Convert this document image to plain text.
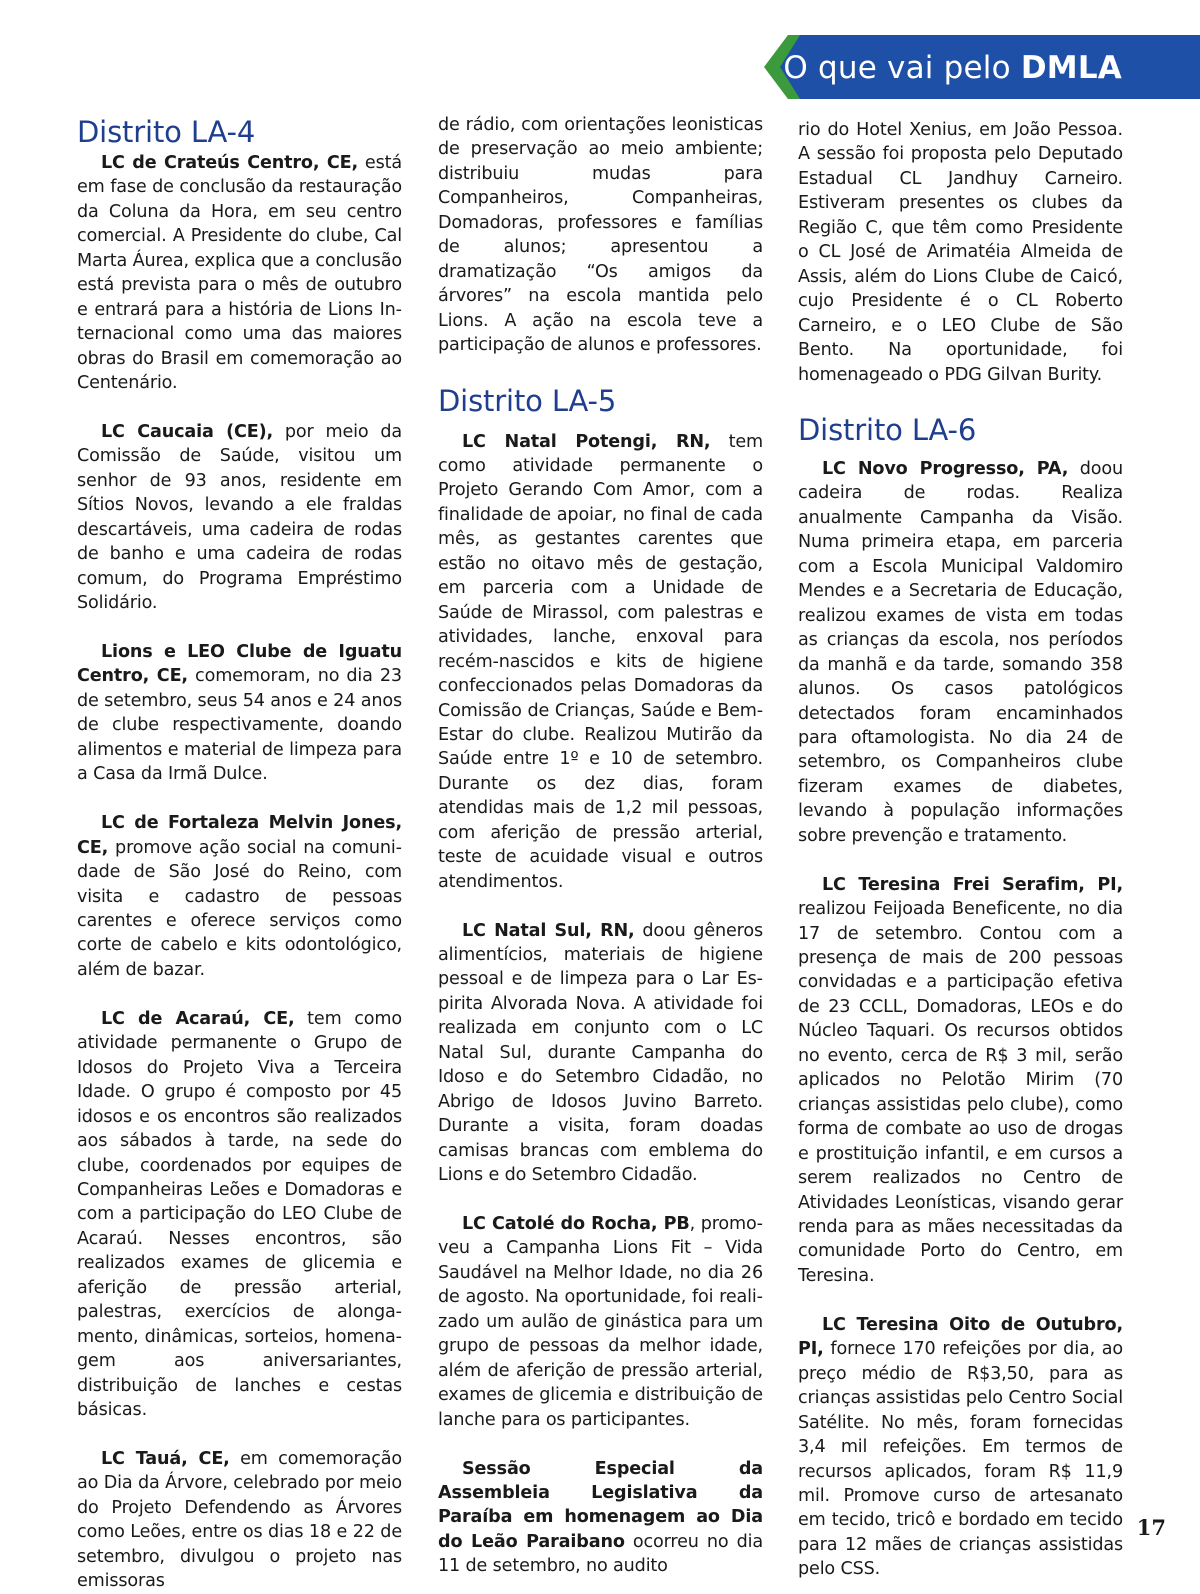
O que vai pelo DMLA
Distrito LA-4

LC de Crateús Centro, CE, está em fase de conclusão da restauração da Coluna da Hora, em seu centro comercial. A Presidente do clube, Cal Marta Áurea, explica que a conclusão está prevista para o mês de outubro e entrará para a história de Lions Internacional como uma das maiores obras do Brasil em comemoração ao Centenário.

LC Caucaia (CE), por meio da Comissão de Saúde, visitou um senhor de 93 anos, residente em Sítios Novos, levando a ele fraldas descartáveis, uma cadeira de rodas de banho e uma cadeira de rodas comum, do Programa Empréstimo Solidário.

Lions e LEO Clube de Iguatu Centro, CE, comemoram, no dia 23 de setembro, seus 54 anos e 24 anos de clube respectivamente, doando alimentos e material de limpeza para a Casa da Irmã Dulce.

LC de Fortaleza Melvin Jones, CE, promove ação social na comunidade de São José do Reino, com visita e cadastro de pessoas carentes e oferece serviços como corte de cabelo e kits odontológico, além de bazar.

LC de Acaraú, CE, tem como atividade permanente o Grupo de Idosos do Projeto Viva a Terceira Idade. O grupo é composto por 45 idosos e os encontros são realizados aos sábados à tarde, na sede do clube, coordenados por equipes de Companheiras Leões e Domadoras e com a participação do LEO Clube de Acaraú. Nesses encontros, são realizados exames de glicemia e aferição de pressão arterial, palestras, exercícios de alongamento, dinâmicas, sorteios, homenagem aos aniversariantes, distribuição de lanches e cestas básicas.

LC Tauá, CE, em comemoração ao Dia da Árvore, celebrado por meio do Projeto Defendendo as Árvores como Leões, entre os dias 18 e 22 de setembro, divulgou o projeto nas emissoras

de rádio, com orientações leonisticas de preservação ao meio ambiente; distribuiu mudas para Companheiros, Companheiras, Domadoras, professores e famílias de alunos; apresentou a dramatização “Os amigos da árvores” na escola mantida pelo Lions. A ação na escola teve a participação de alunos e professores.

Distrito LA-5

LC Natal Potengi, RN, tem como atividade permanente o Projeto Gerando Com Amor, com a finalidade de apoiar, no final de cada mês, as gestantes carentes que estão no oitavo mês de gestação, em parceria com a Unidade de Saúde de Mirassol, com palestras e atividades, lanche, enxoval para recém-nascidos e kits de higiene confeccionados pelas Domadoras da Comissão de Crianças, Saúde e Bem-Estar do clube. Realizou Mutirão da Saúde entre 1º e 10 de setembro. Durante os dez dias, foram atendidas mais de 1,2 mil pessoas, com aferição de pressão arterial, teste de acuidade visual e outros atendimentos.

LC Natal Sul, RN, doou gêneros alimentícios, materiais de higiene pessoal e de limpeza para o Lar Espirita Alvorada Nova. A atividade foi realizada em conjunto com o LC Natal Sul, durante Campanha do Idoso e do Setembro Cidadão, no Abrigo de Idosos Juvino Barreto. Durante a visita, foram doadas camisas brancas com emblema do Lions e do Setembro Cidadão.

LC Catolé do Rocha, PB, promoveu a Campanha Lions Fit – Vida Saudável na Melhor Idade, no dia 26 de agosto. Na oportunidade, foi realizado um aulão de ginástica para um grupo de pessoas da melhor idade, além de aferição de pressão arterial, exames de glicemia e distribuição de lanche para os participantes.

Sessão Especial da Assembleia Legislativa da Paraíba em homenagem ao Dia do Leão Paraibano ocorreu no dia 11 de setembro, no audito

rio do Hotel Xenius, em João Pessoa. A sessão foi proposta pelo Deputado Estadual CL Jandhuy Carneiro. Estiveram presentes os clubes da Região C, que têm como Presidente o CL José de Arimatéia Almeida de Assis, além do Lions Clube de Caicó, cujo Presidente é o CL Roberto Carneiro, e o LEO Clube de São Bento. Na oportunidade, foi homenageado o PDG Gilvan Burity.

Distrito LA-6

LC Novo Progresso, PA, doou cadeira de rodas. Realiza anualmente Campanha da Visão. Numa primeira etapa, em parceria com a Escola Municipal Valdomiro Mendes e a Secretaria de Educação, realizou exames de vista em todas as crianças da escola, nos períodos da manhã e da tarde, somando 358 alunos. Os casos patológicos detectados foram encaminhados para oftamologista. No dia 24 de setembro, os Companheiros clube fizeram exames de diabetes, levando à população informações sobre prevenção e tratamento.

LC Teresina Frei Serafim, PI, realizou Feijoada Beneficente, no dia 17 de setembro. Contou com a presença de mais de 200 pessoas convidadas e a participação efetiva de 23 CCLL, Domadoras, LEOs e do Núcleo Taquari. Os recursos obtidos no evento, cerca de R$ 3 mil, serão aplicados no Pelotão Mirim (70 crianças assistidas pelo clube), como forma de combate ao uso de drogas e prostituição infantil, e em cursos a serem realizados no Centro de Atividades Leonísticas, visando gerar renda para as mães necessitadas da comunidade Porto do Centro, em Teresina.

LC Teresina Oito de Outubro, PI, fornece 170 refeições por dia, ao preço médio de R$3,50, para as crianças assistidas pelo Centro Social Satélite. No mês, foram fornecidas 3,4 mil refeições. Em termos de recursos aplicados, foram R$ 11,9 mil. Promove curso de artesanato em tecido, tricô e bordado em tecido para 12 mães de crianças assistidas pelo CSS.

17
